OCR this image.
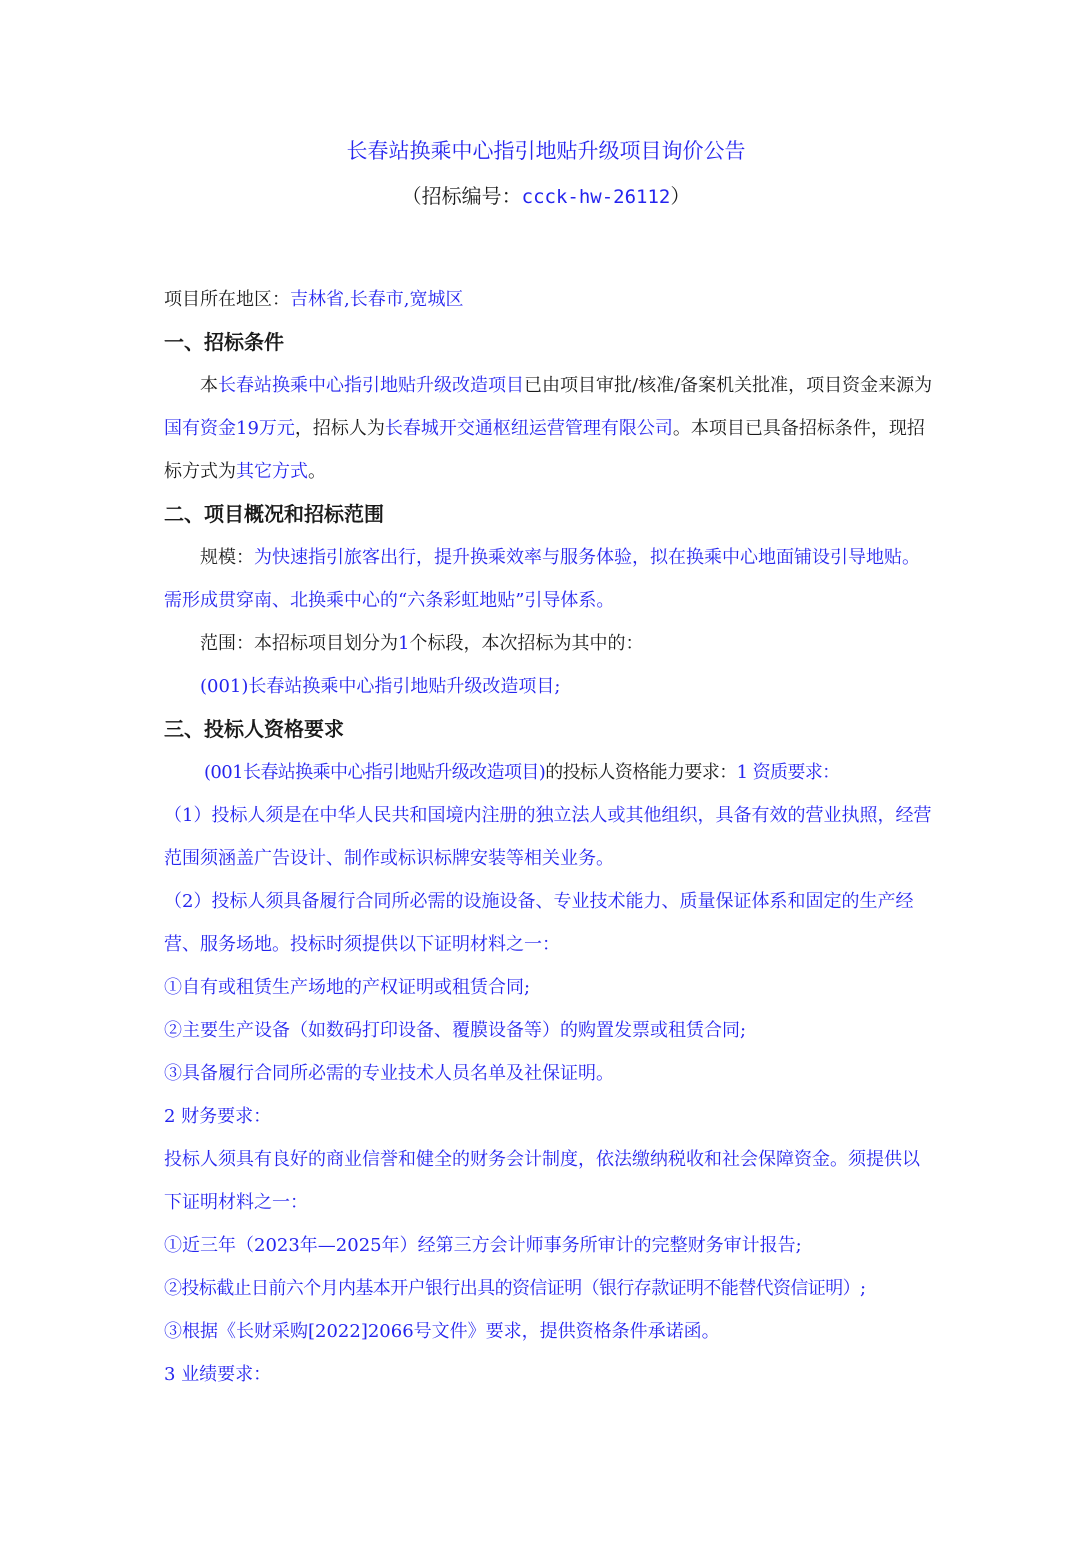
长春站换乘中心指引地贴升级项目询价公告
（招标编号：ccck-hw-26112）

项目所在地区：吉林省,长春市,宽城区

一、招标条件

本长春站换乘中心指引地贴升级改造项目已由项目审批/核准/备案机关批准，项目资金来源为国有资金19万元，招标人为长春城开交通枢纽运营管理有限公司。本项目已具备招标条件，现招标方式为其它方式。

二、项目概况和招标范围

规模：为快速指引旅客出行，提升换乘效率与服务体验，拟在换乘中心地面铺设引导地贴。需形成贯穿南、北换乘中心的“六条彩虹地贴”引导体系。

范围：本招标项目划分为1个标段，本次招标为其中的：

(001)长春站换乘中心指引地贴升级改造项目;

三、投标人资格要求

(001长春站换乘中心指引地贴升级改造项目)的投标人资格能力要求：1 资质要求：

（1）投标人须是在中华人民共和国境内注册的独立法人或其他组织，具备有效的营业执照，经营范围须涵盖广告设计、制作或标识标牌安装等相关业务。

（2）投标人须具备履行合同所必需的设施设备、专业技术能力、质量保证体系和固定的生产经营、服务场地。投标时须提供以下证明材料之一：

①自有或租赁生产场地的产权证明或租赁合同;

②主要生产设备（如数码打印设备、覆膜设备等）的购置发票或租赁合同;

③具备履行合同所必需的专业技术人员名单及社保证明。

2 财务要求：

投标人须具有良好的商业信誉和健全的财务会计制度，依法缴纳税收和社会保障资金。须提供以下证明材料之一：

①近三年（2023年—2025年）经第三方会计师事务所审计的完整财务审计报告;

②投标截止日前六个月内基本开户银行出具的资信证明（银行存款证明不能替代资信证明）;

③根据《长财采购[2022]2066号文件》要求，提供资格条件承诺函。

3 业绩要求：
